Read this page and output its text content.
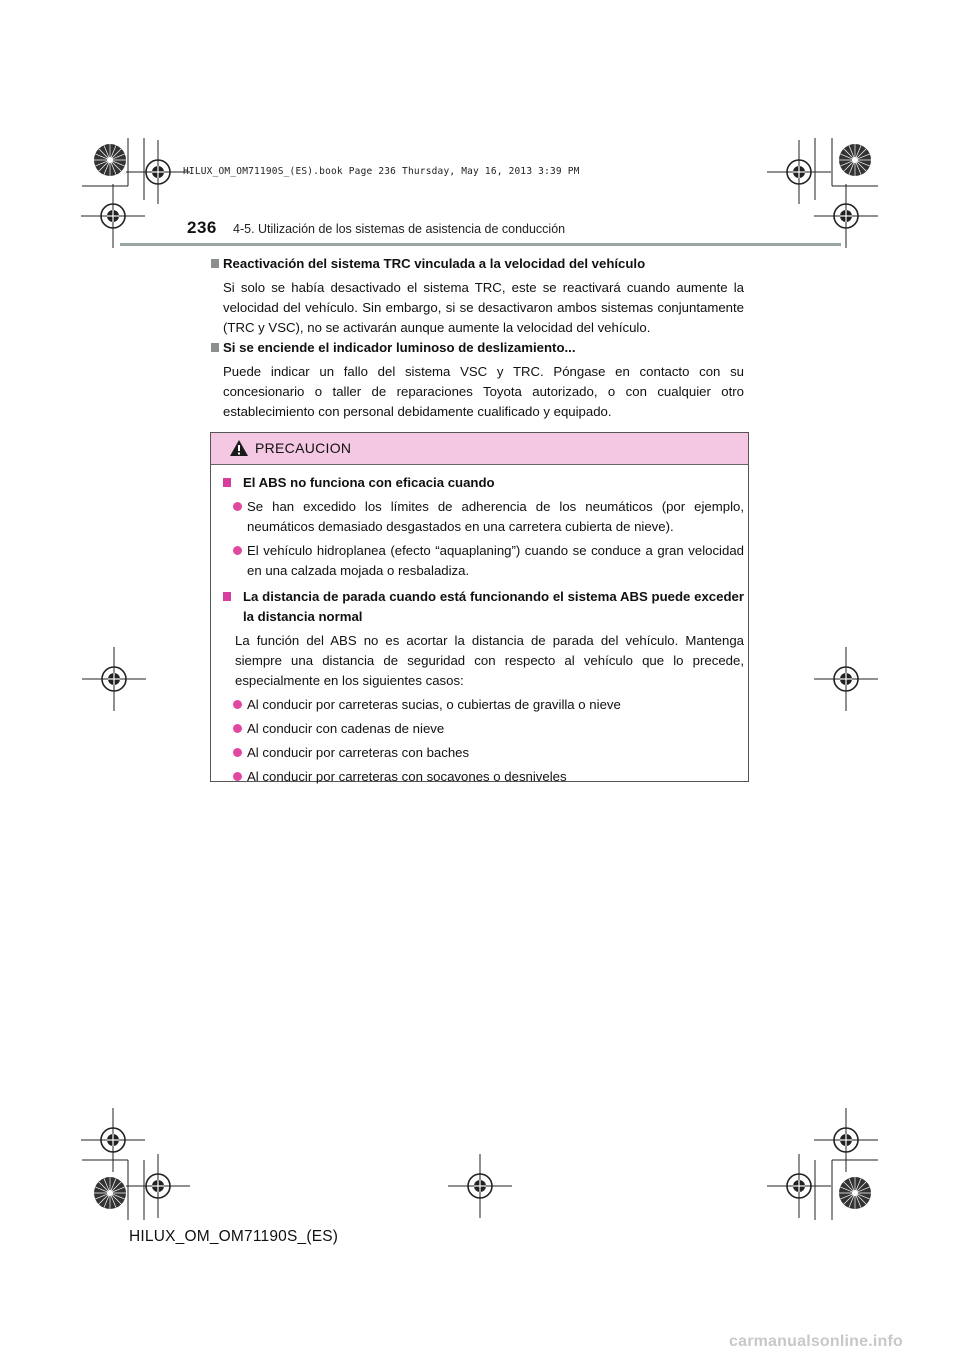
HILUX_OM_OM71190S_(ES).book Page 236 Thursday, May 16, 2013 3:39 PM
236 4-5. Utilización de los sistemas de asistencia de conducción
Reactivación del sistema TRC vinculada a la velocidad del vehículo
Si solo se había desactivado el sistema TRC, este se reactivará cuando aumente la velocidad del vehículo. Sin embargo, si se desactivaron ambos sistemas conjuntamente (TRC y VSC), no se activarán aunque aumente la velocidad del vehículo.
Si se enciende el indicador luminoso de deslizamiento...
Puede indicar un fallo del sistema VSC y TRC. Póngase en contacto con su concesionario o taller de reparaciones Toyota autorizado, o con cualquier otro establecimiento con personal debidamente cualificado y equipado.
PRECAUCION
El ABS no funciona con eficacia cuando
Se han excedido los límites de adherencia de los neumáticos (por ejemplo, neumáticos demasiado desgastados en una carretera cubierta de nieve).
El vehículo hidroplanea (efecto “aquaplaning”) cuando se conduce a gran velocidad en una calzada mojada o resbaladiza.
La distancia de parada cuando está funcionando el sistema ABS puede exceder la distancia normal
La función del ABS no es acortar la distancia de parada del vehículo. Mantenga siempre una distancia de seguridad con respecto al vehículo que lo precede, especialmente en los siguientes casos:
Al conducir por carreteras sucias, o cubiertas de gravilla o nieve
Al conducir con cadenas de nieve
Al conducir por carreteras con baches
Al conducir por carreteras con socavones o desniveles
HILUX_OM_OM71190S_(ES)
carmanualsonline.info
